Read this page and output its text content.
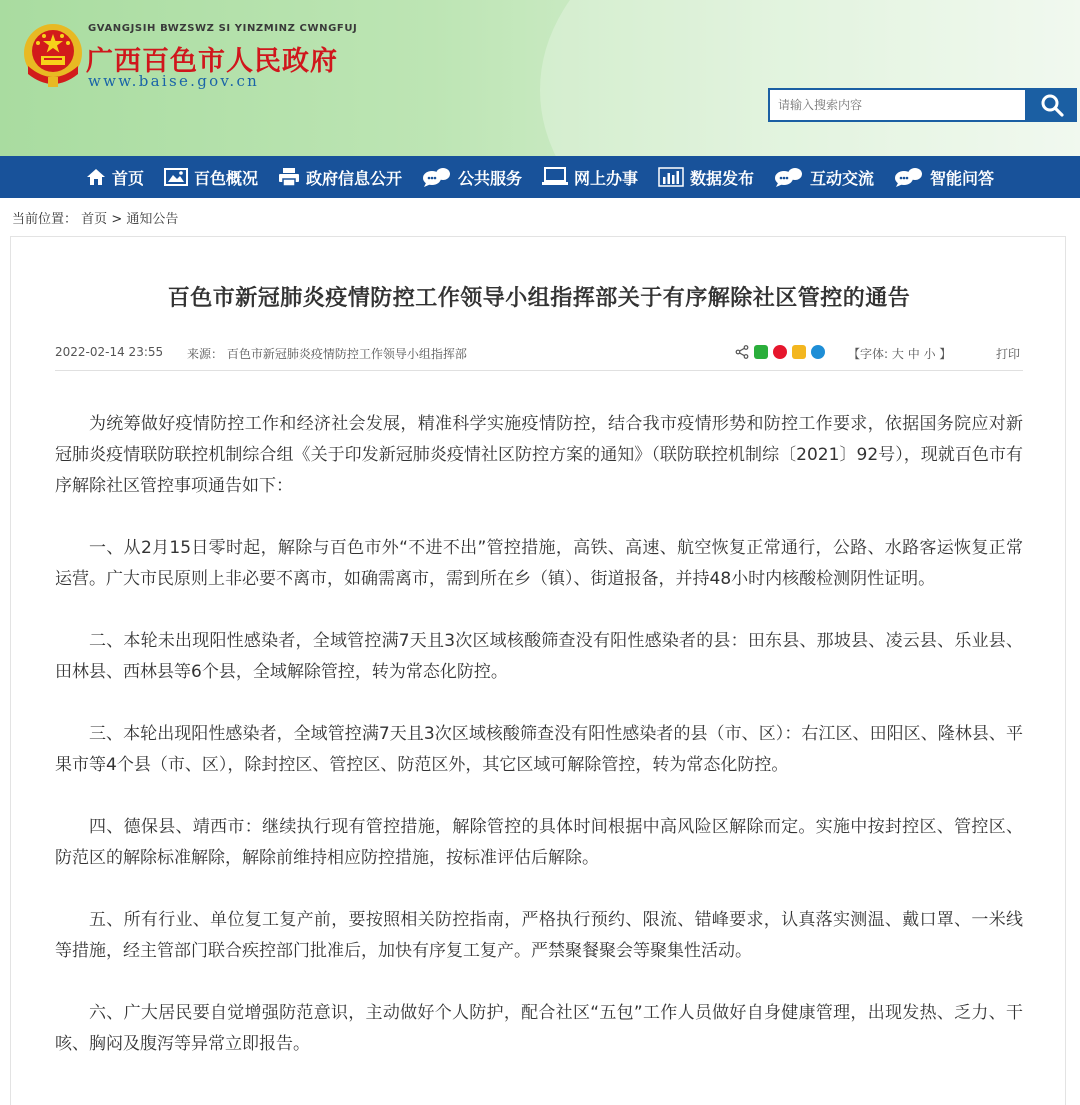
GVANGJSIH BWZSWZ SI YINZMINZ CWNGFUJ
广西百色市人民政府
www.baise.gov.cn
请输入搜索内容
首页	百色概况	政府信息公开	公共服务	网上办事	数据发布	互动交流	智能问答
当前位置： 首页 > 通知公告
百色市新冠肺炎疫情防控工作领导小组指挥部关于有序解除社区管控的通告
2022-02-14 23:55 来源： 百色市新冠肺炎疫情防控工作领导小组指挥部	【字体: 大 中 小 】	打印

为统筹做好疫情防控工作和经济社会发展，精准科学实施疫情防控，结合我市疫情形势和防控工作要求，依据国务院应对新冠肺炎疫情联防联控机制综合组《关于印发新冠肺炎疫情社区防控方案的通知》（联防联控机制综〔2021〕92号），现就百色市有序解除社区管控事项通告如下：

一、从2月15日零时起，解除与百色市外“不进不出”管控措施，高铁、高速、航空恢复正常通行，公路、水路客运恢复正常运营。广大市民原则上非必要不离市，如确需离市，需到所在乡（镇）、街道报备，并持48小时内核酸检测阴性证明。

二、本轮未出现阳性感染者，全域管控满7天且3次区域核酸筛查没有阳性感染者的县：田东县、那坡县、凌云县、乐业县、田林县、西林县等6个县，全域解除管控，转为常态化防控。

三、本轮出现阳性感染者，全域管控满7天且3次区域核酸筛查没有阳性感染者的县（市、区）：右江区、田阳区、隆林县、平果市等4个县（市、区），除封控区、管控区、防范区外，其它区域可解除管控，转为常态化防控。

四、德保县、靖西市：继续执行现有管控措施，解除管控的具体时间根据中高风险区解除而定。实施中按封控区、管控区、防范区的解除标准解除，解除前维持相应防控措施，按标准评估后解除。

五、所有行业、单位复工复产前，要按照相关防控指南，严格执行预约、限流、错峰要求，认真落实测温、戴口罩、一米线等措施，经主管部门联合疾控部门批准后，加快有序复工复产。严禁聚餐聚会等聚集性活动。

六、广大居民要自觉增强防范意识，主动做好个人防护，配合社区“五包”工作人员做好自身健康管理，出现发热、乏力、干咳、胸闷及腹泻等异常立即报告。
